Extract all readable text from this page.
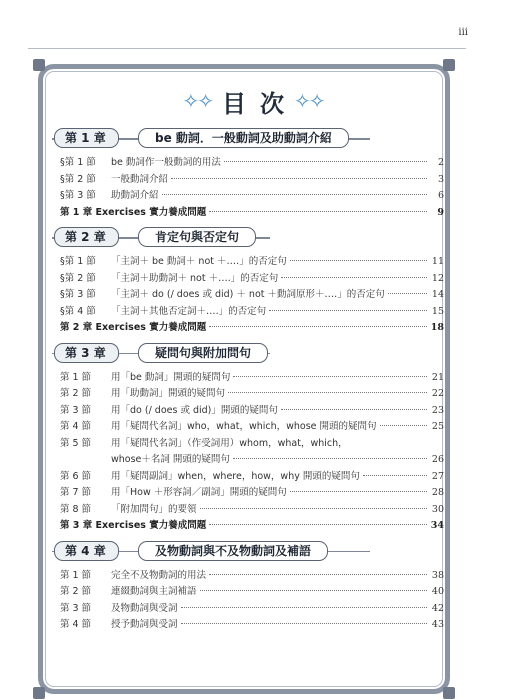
iii
✧✧ 目次
✧✧
第 1 章	be 動詞．一般動詞及助動詞介紹
§第 1 節	be 動詞作一般動詞的用法	2
§第 2 節	一般動詞介紹	3
§第 3 節	助動詞介紹	6
第 1 章 Exercises 實力養成問題	9
第 2 章	肯定句與否定句
§第 1 節	「主詞＋ be 動詞＋ not ＋‥‥」的否定句	11
§第 2 節	「主詞＋助動詞＋ not ＋‥‥」的否定句	12
§第 3 節	「主詞＋ do (/ does 或 did) ＋ not ＋動詞原形＋‥‥」的否定句	14
§第 4 節	「主詞＋其他否定詞＋‥‥」的否定句	15
第 2 章 Exercises 實力養成問題	18
第 3 章	疑問句與附加問句
第 1 節	用「be 動詞」開頭的疑問句	21
第 2 節	用「助動詞」開頭的疑問句	22
第 3 節	用「do (/ does 或 did)」開頭的疑問句	23
第 4 節	用「疑問代名詞」who，what，which，whose 開頭的疑問句	25
第 5 節	用「疑問代名詞」（作受詞用）whom，what，which，
whose＋名詞 開頭的疑問句	26
第 6 節	用「疑問副詞」when，where，how，why 開頭的疑問句	27
第 7 節	用「How ＋形容詞／副詞」開頭的疑問句	28
第 8 節	「附加問句」的要領	30
第 3 章 Exercises 實力養成問題	34
第 4 章	及物動詞與不及物動詞及補語
第 1 節	完全不及物動詞的用法	38
第 2 節	連綴動詞與主詞補語	40
第 3 節	及物動詞與受詞	42
第 4 節	授予動詞與受詞	43
